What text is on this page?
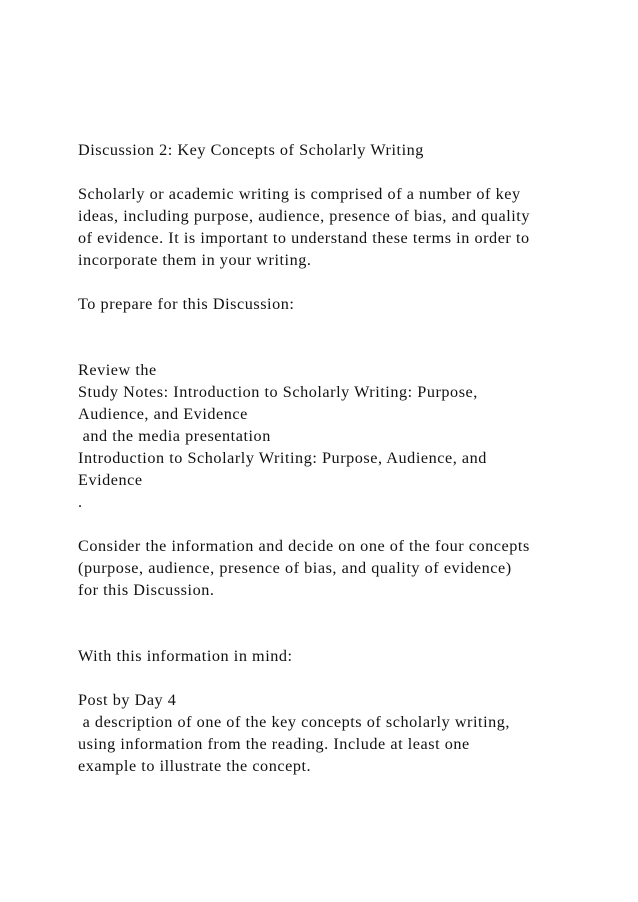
Discussion 2: Key Concepts of Scholarly Writing
Scholarly or academic writing is comprised of a number of key
ideas, including purpose, audience, presence of bias, and quality
of evidence. It is important to understand these terms in order to
incorporate them in your writing.
To prepare for this Discussion:
Review the
Study Notes: Introduction to Scholarly Writing: Purpose,
Audience, and Evidence
and the media presentation
Introduction to Scholarly Writing: Purpose, Audience, and
Evidence
.
Consider the information and decide on one of the four concepts
(purpose, audience, presence of bias, and quality of evidence)
for this Discussion.
With this information in mind:
Post by Day 4
a description of one of the key concepts of scholarly writing,
using information from the reading. Include at least one
example to illustrate the concept.
